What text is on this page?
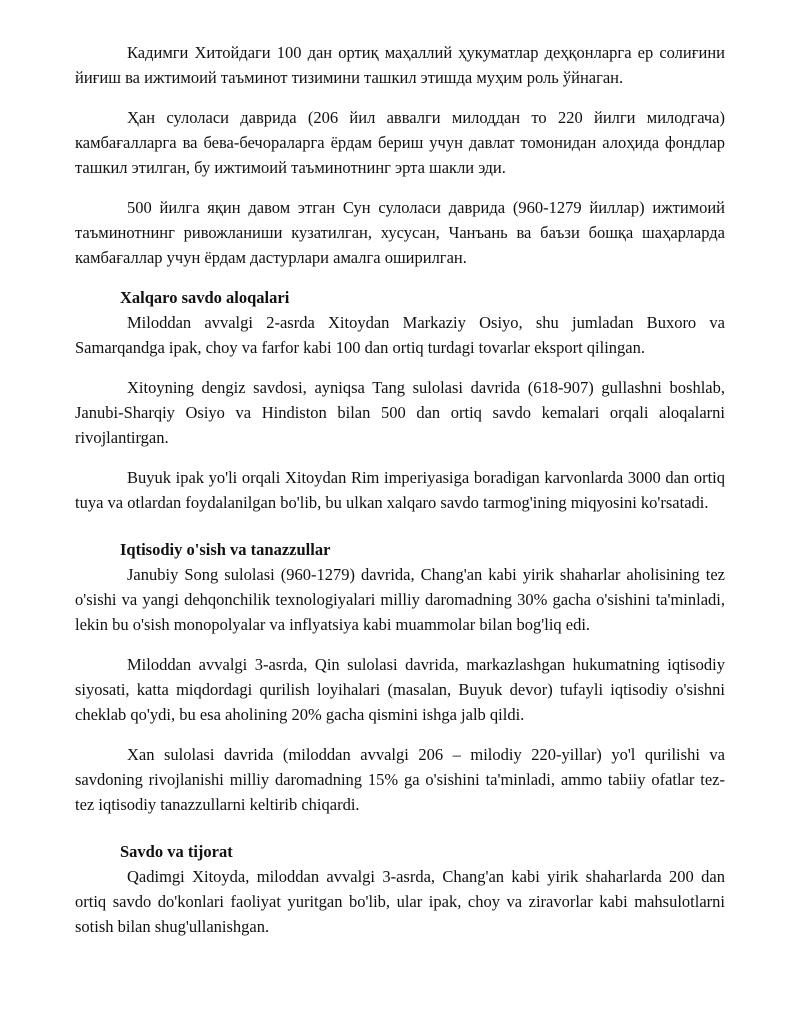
Кадимги Хитойдаги 100 дан ортиқ маҳаллий ҳукуматлар деҳқонларга ер солиғини йиғиш ва ижтимоий таъминот тизимини ташкил этишда муҳим роль ўйнаган.

Ҳан сулоласи даврида (206 йил аввалги милоддан то 220 йилги милодгача) камбағалларга ва бева-бечораларга ёрдам бериш учун давлат томонидан алоҳида фондлар ташкил этилган, бу ижтимоий таъминотнинг эрта шакли эди.

500 йилга яқин давом этган Сун сулоласи даврида (960-1279 йиллар) ижтимоий таъминотнинг ривожланиши кузатилган, хусусан, Чанъань ва баъзи бошқа шаҳарларда камбағаллар учун ёрдам дастурлари амалга оширилган.

Xalqaro savdo aloqalari

Miloddan avvalgi 2-asrda Xitoydan Markaziy Osiyo, shu jumladan Buxoro va Samarqandga ipak, choy va farfor kabi 100 dan ortiq turdagi tovarlar eksport qilingan.

Xitoyning dengiz savdosi, ayniqsa Tang sulolasi davrida (618-907) gullashni boshlab, Janubi-Sharqiy Osiyo va Hindiston bilan 500 dan ortiq savdo kemalari orqali aloqalarni rivojlantirgan.

Buyuk ipak yo'li orqali Xitoydan Rim imperiyasiga boradigan karvonlarda 3000 dan ortiq tuya va otlardan foydalanilgan bo'lib, bu ulkan xalqaro savdo tarmog'ining miqyosini ko'rsatadi.

Iqtisodiy o'sish va tanazzullar

Janubiy Song sulolasi (960-1279) davrida, Chang'an kabi yirik shaharlar aholisining tez o'sishi va yangi dehqonchilik texnologiyalari milliy daromadning 30% gacha o'sishini ta'minladi, lekin bu o'sish monopolyalar va inflyatsiya kabi muammolar bilan bog'liq edi.

Miloddan avvalgi 3-asrda, Qin sulolasi davrida, markazlashgan hukumatning iqtisodiy siyosati, katta miqdordagi qurilish loyihalari (masalan, Buyuk devor) tufayli iqtisodiy o'sishni cheklab qo'ydi, bu esa aholining 20% gacha qismini ishga jalb qildi.

Xan sulolasi davrida (miloddan avvalgi 206 – milodiy 220-yillar) yo'l qurilishi va savdoning rivojlanishi milliy daromadning 15% ga o'sishini ta'minladi, ammo tabiiy ofatlar tez-tez iqtisodiy tanazzullarni keltirib chiqardi.

Savdo va tijorat

Qadimgi Xitoyda, miloddan avvalgi 3-asrda, Chang'an kabi yirik shaharlarda 200 dan ortiq savdo do'konlari faoliyat yuritgan bo'lib, ular ipak, choy va ziravorlar kabi mahsulotlarni sotish bilan shug'ullanishgan.
